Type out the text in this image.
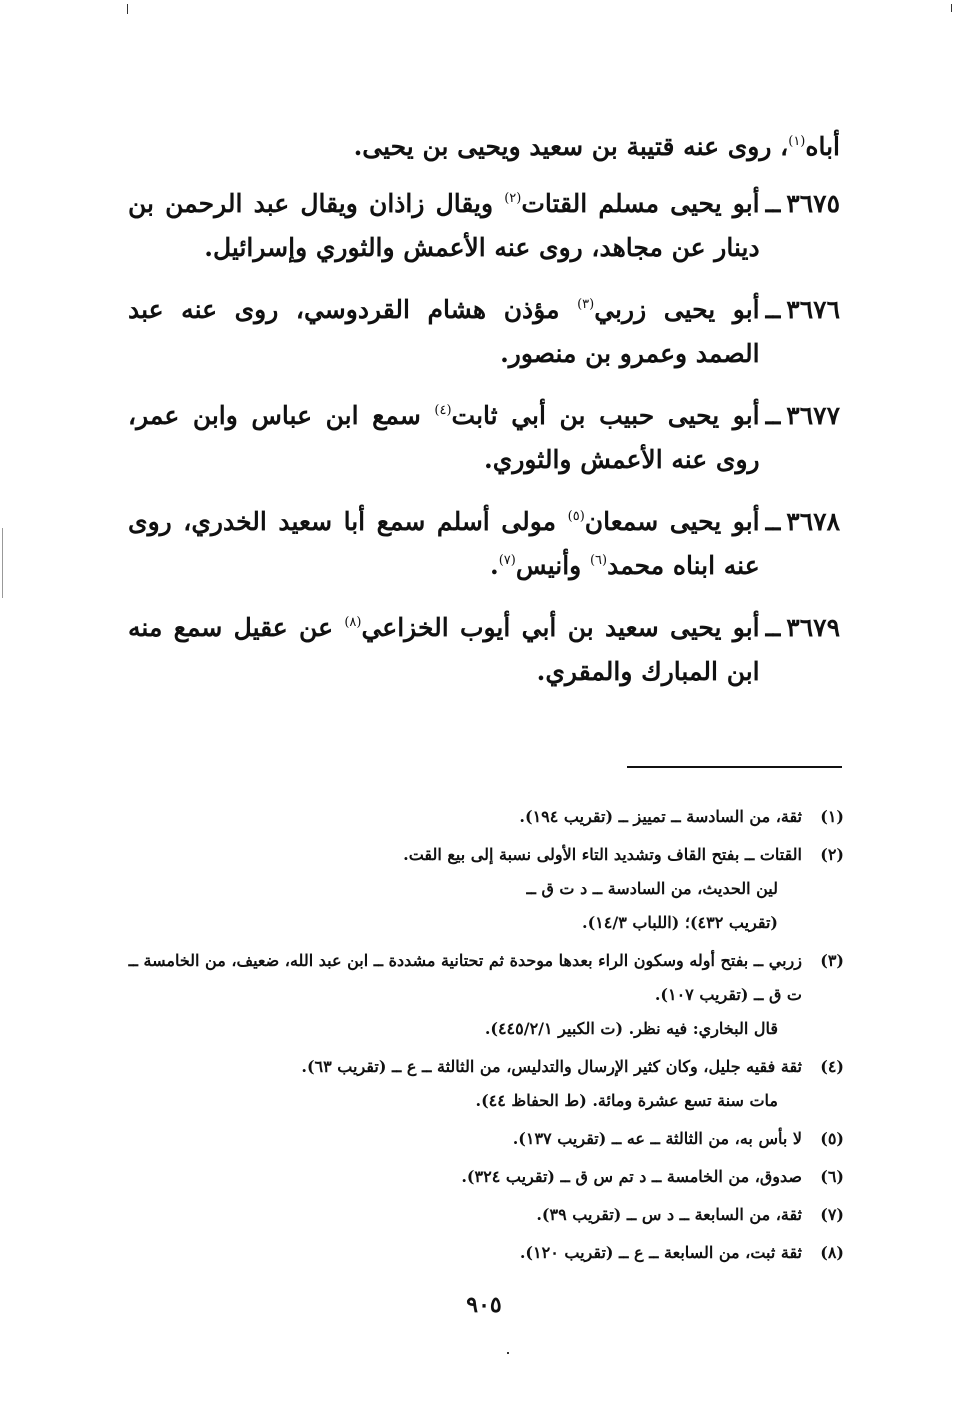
أباه$^{(١)}$، روى عنه قتيبة بن سعيد ويحيى بن يحيى.
٣٦٧٥ــ
أبو يحيى مسلم القتات$^{(٢)}$ ويقال زاذان ويقال عبد الرحمن بن دينار عن مجاهد، روى عنه الأعمش والثوري وإسرائيل.
٣٦٧٦ــ
أبو يحيى زربي$^{(٣)}$ مؤذن هشام القردوسي، روى عنه عبد الصمد وعمرو بن منصور.
٣٦٧٧ــ
أبو يحيى حبيب بن أبي ثابت$^{(٤)}$ سمع ابن عباس وابن عمر، روى عنه الأعمش والثوري.
٣٦٧٨ــ
أبو يحيى سمعان$^{(٥)}$ مولى أسلم سمع أبا سعيد الخدري، روى عنه ابناه محمد$^{(٦)}$ وأنيس$^{(٧)}$.
٣٦٧٩ــ
أبو يحيى سعيد بن أبي أيوب الخزاعي$^{(٨)}$ عن عقيل سمع منه ابن المبارك والمقري.
(١)
ثقة، من السادسة ــ تمييز ــ (تقريب ١٩٤).
(٢)
القتات ــ بفتح القاف وتشديد التاء الأولى نسبة إلى بيع القت.
لين الحديث، من السادسة ــ د ت ق ــ
(تقريب ٤٣٢)؛ (اللباب ١٤/٣).
(٣)
زربي ــ بفتح أوله وسكون الراء بعدها موحدة ثم تحتانية مشددة ــ ابن عبد الله، ضعيف، من الخامسة ــ ت ق ــ (تقريب ١٠٧).
قال البخاري: فيه نظر. (ت الكبير ٤٤٥/٢/١).
(٤)
ثقة فقيه جليل، وكان كثير الإرسال والتدليس، من الثالثة ــ ع ــ (تقريب ٦٣).
مات سنة تسع عشرة ومائة. (ط الحفاظ ٤٤).
(٥)
لا بأس به، من الثالثة ــ عه ــ (تقريب ١٣٧).
(٦)
صدوق، من الخامسة ــ د تم س ق ــ (تقريب ٣٢٤).
(٧)
ثقة، من السابعة ــ د س ــ (تقريب ٣٩).
(٨)
ثقة ثبت، من السابعة ــ ع ــ (تقريب ١٢٠).
٩٠٥
